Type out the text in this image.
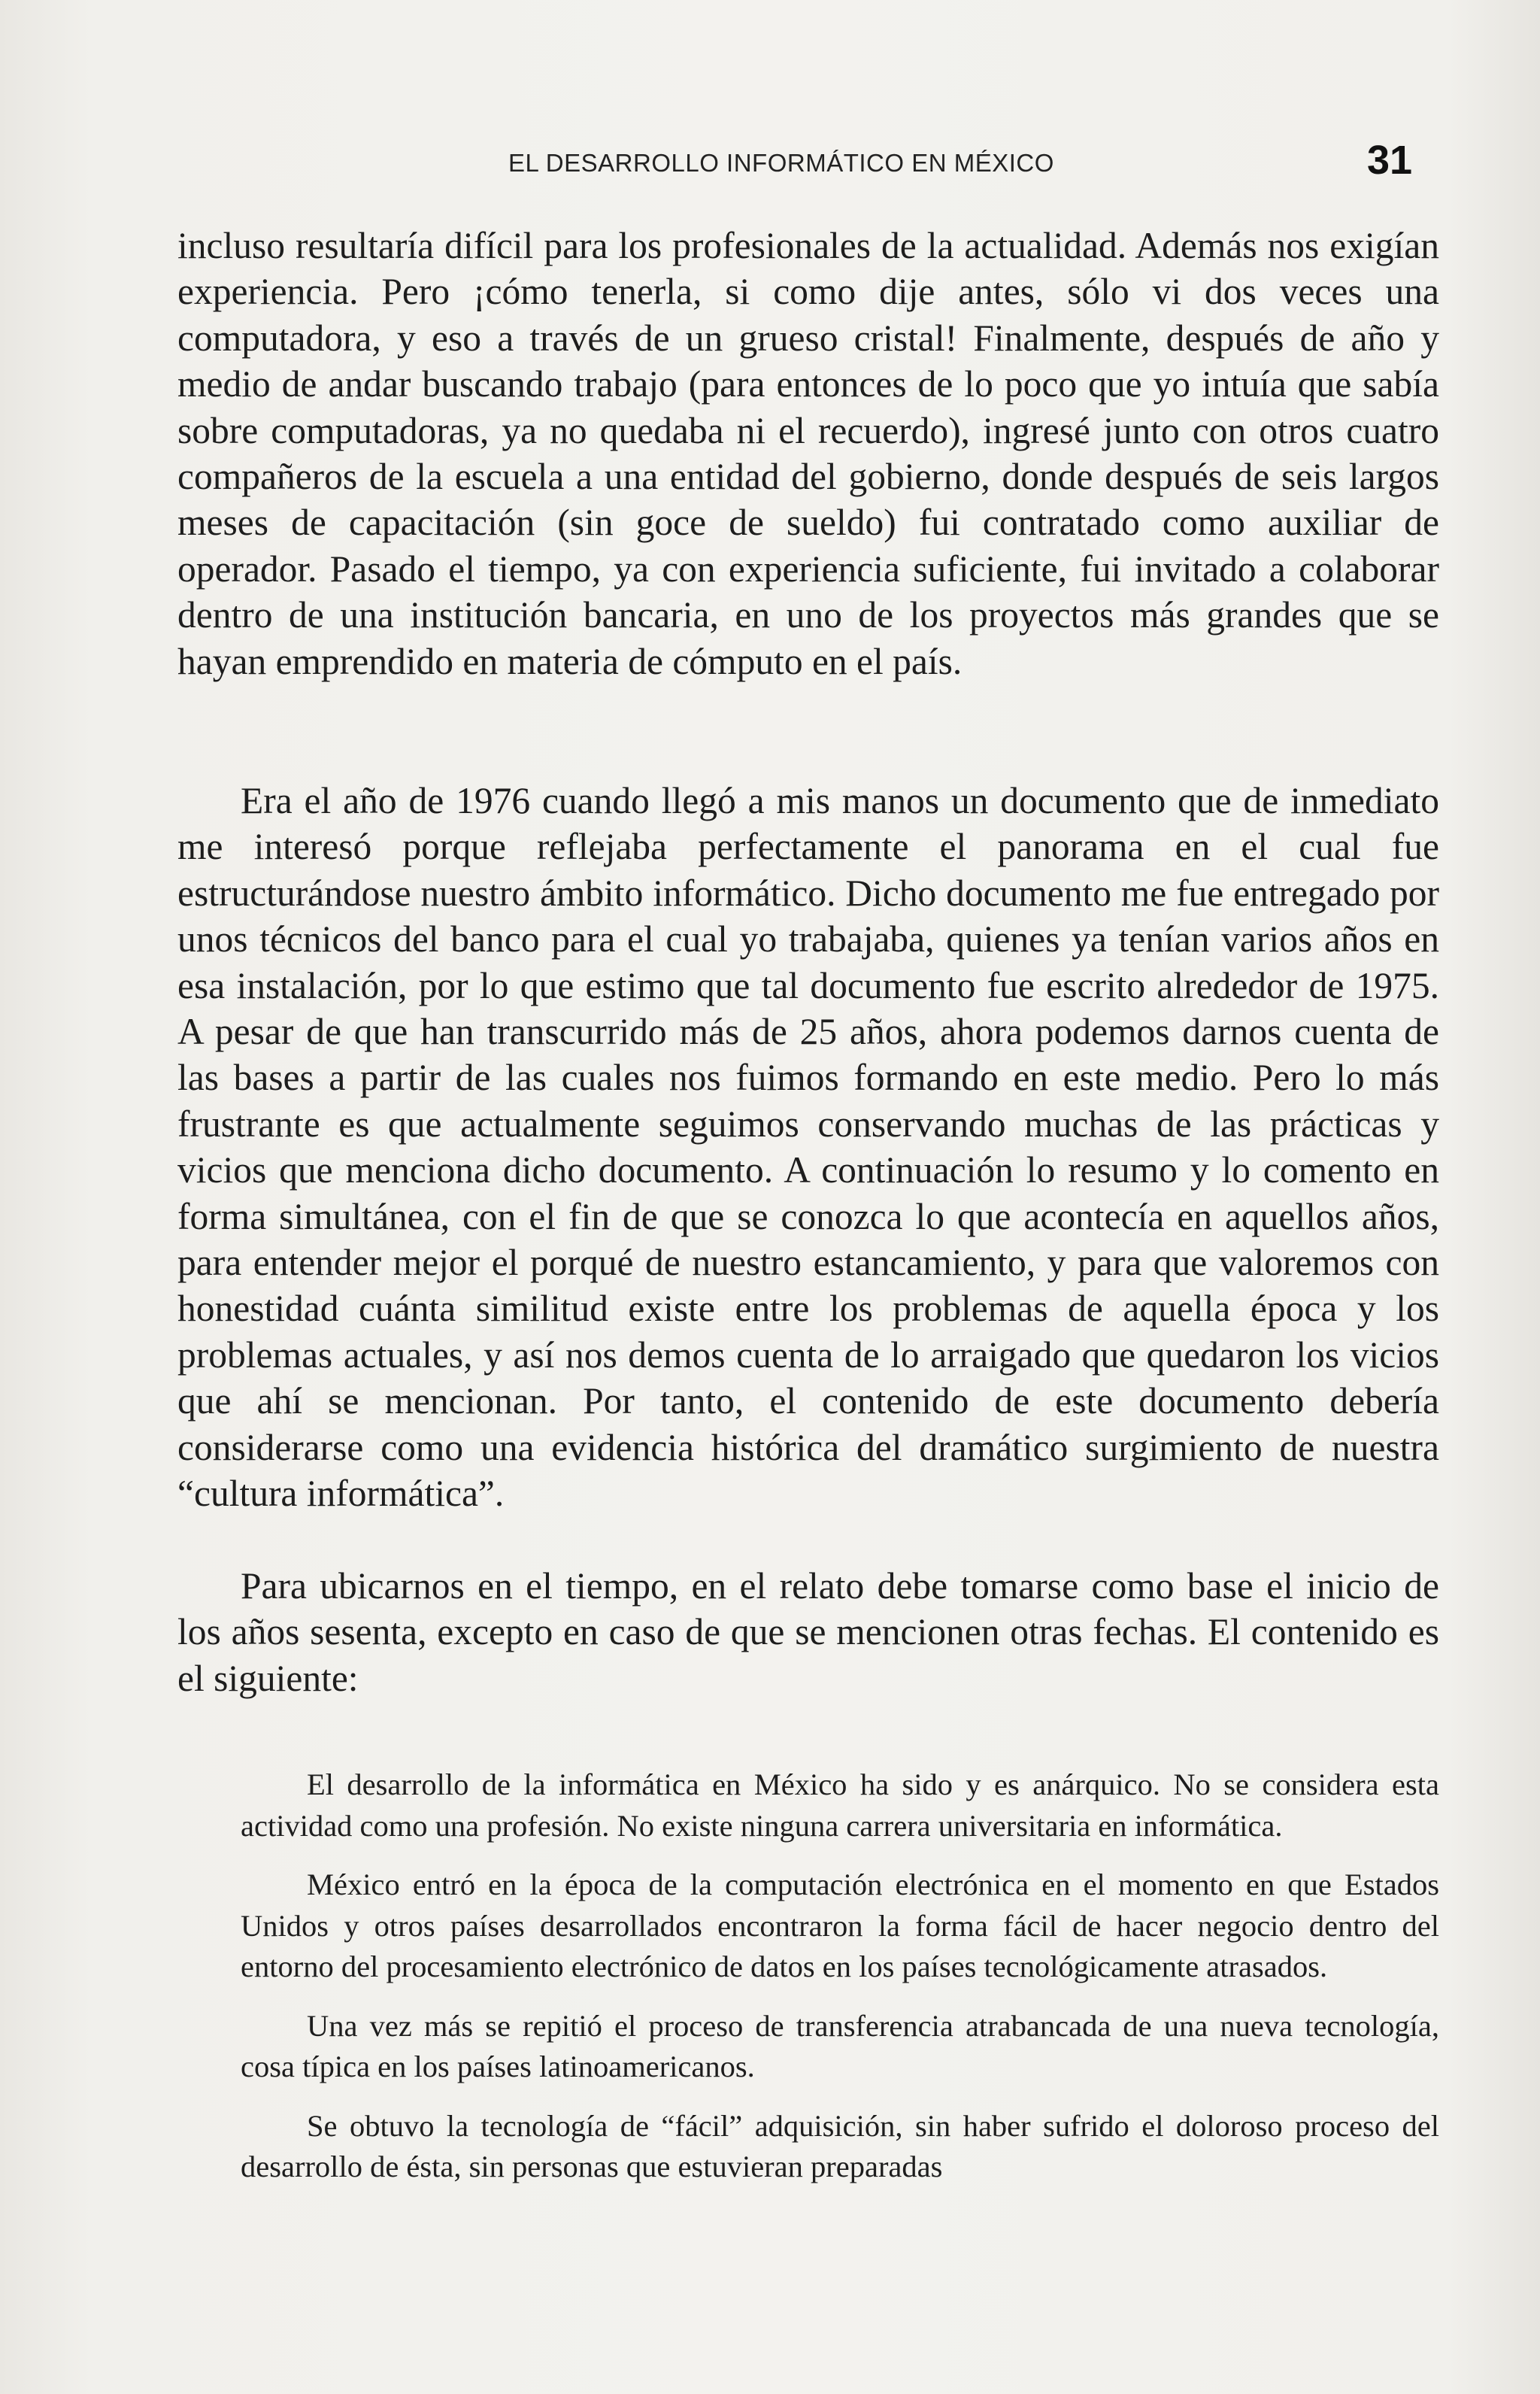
EL DESARROLLO INFORMÁTICO EN MÉXICO	31

incluso resultaría difícil para los profesionales de la actualidad. Además nos exigían experiencia. Pero ¡cómo tenerla, si como dije antes, sólo vi dos veces una computadora, y eso a través de un grueso cristal! Finalmente, después de año y medio de andar buscando trabajo (para entonces de lo poco que yo intuía que sabía sobre computadoras, ya no quedaba ni el recuerdo), ingresé junto con otros cuatro compañeros de la escuela a una entidad del gobierno, donde después de seis largos meses de capacitación (sin goce de sueldo) fui contratado como auxiliar de operador. Pasado el tiempo, ya con experiencia suficiente, fui invitado a colaborar dentro de una institución bancaria, en uno de los proyectos más grandes que se hayan emprendido en materia de cómputo en el país.

Era el año de 1976 cuando llegó a mis manos un documento que de inmediato me interesó porque reflejaba perfectamente el panorama en el cual fue estructurándose nuestro ámbito informático. Dicho documento me fue entregado por unos técnicos del banco para el cual yo trabajaba, quienes ya tenían varios años en esa instalación, por lo que estimo que tal documento fue escrito alrededor de 1975. A pesar de que han transcurrido más de 25 años, ahora podemos darnos cuenta de las bases a partir de las cuales nos fuimos formando en este medio. Pero lo más frustrante es que actualmente seguimos conservando muchas de las prácticas y vicios que menciona dicho documento. A continuación lo resumo y lo comento en forma simultánea, con el fin de que se conozca lo que acontecía en aquellos años, para entender mejor el porqué de nuestro estancamiento, y para que valoremos con honestidad cuánta similitud existe entre los problemas de aquella época y los problemas actuales, y así nos demos cuenta de lo arraigado que quedaron los vicios que ahí se mencionan. Por tanto, el contenido de este documento debería considerarse como una evidencia histórica del dramático surgimiento de nuestra “cultura informática”.

Para ubicarnos en el tiempo, en el relato debe tomarse como base el inicio de los años sesenta, excepto en caso de que se mencionen otras fechas. El contenido es el siguiente:

El desarrollo de la informática en México ha sido y es anárquico. No se considera esta actividad como una profesión. No existe ninguna carrera universitaria en informática.

México entró en la época de la computación electrónica en el momento en que Estados Unidos y otros países desarrollados encontraron la forma fácil de hacer negocio dentro del entorno del procesamiento electrónico de datos en los países tecnológicamente atrasados.

Una vez más se repitió el proceso de transferencia atrabancada de una nueva tecnología, cosa típica en los países latinoamericanos.

Se obtuvo la tecnología de “fácil” adquisición, sin haber sufrido el doloroso proceso del desarrollo de ésta, sin personas que estuvieran preparadas
